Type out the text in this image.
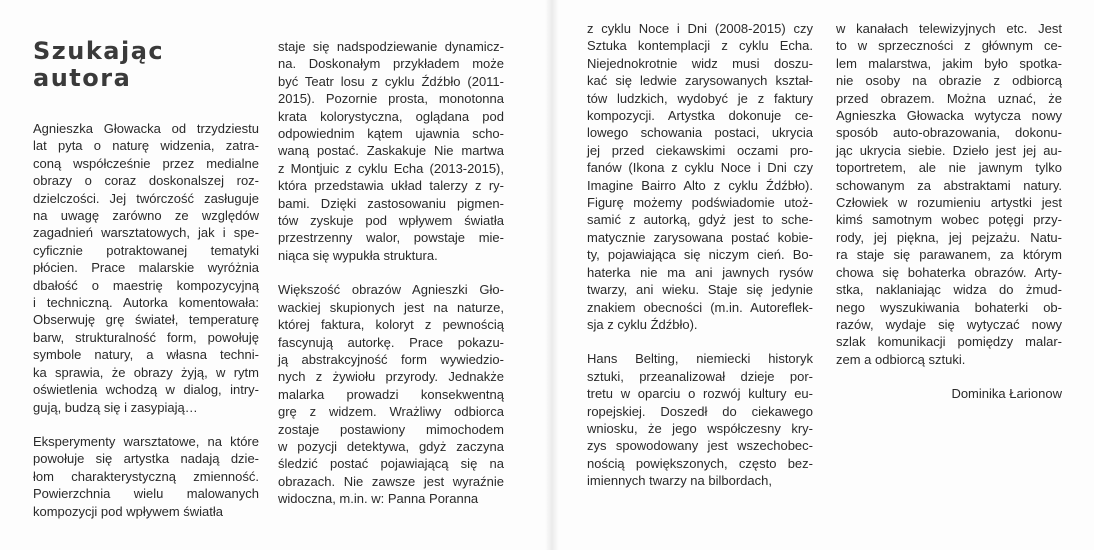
Szukając
autora

Agnieszka Głowacka od trzydziestu
lat pyta o naturę widzenia, zatra-
coną współcześnie przez medialne
obrazy o coraz doskonalszej roz-
dzielczości. Jej twórczość zasługuje
na uwagę zarówno ze względów
zagadnień warsztatowych, jak i spe-
cyficznie potraktowanej tematyki
płócien. Prace malarskie wyróżnia
dbałość o maestrię kompozycyjną
i techniczną. Autorka komentowała:
Obserwuję grę świateł, temperaturę
barw, strukturalność form, powołuję
symbole natury, a własna techni-
ka sprawia, że obrazy żyją, w rytm
oświetlenia wchodzą w dialog, intry-
gują, budzą się i zasypiają…

Eksperymenty warsztatowe, na które
powołuje się artystka nadają dzie-
łom charakterystyczną zmienność.
Powierzchnia wielu malowanych
kompozycji pod wpływem światła

staje się nadspodziewanie dynamicz-
na. Doskonałym przykładem może
być Teatr losu z cyklu Źdźbło (2011-
2015). Pozornie prosta, monotonna
krata kolorystyczna, oglądana pod
odpowiednim kątem ujawnia scho-
waną postać. Zaskakuje Nie martwa
z Montjuic z cyklu Echa (2013-2015),
która przedstawia układ talerzy z ry-
bami. Dzięki zastosowaniu pigmen-
tów zyskuje pod wpływem światła
przestrzenny walor, powstaje mie-
niąca się wypukła struktura.

Większość obrazów Agnieszki Gło-
wackiej skupionych jest na naturze,
której faktura, koloryt z pewnością
fascynują autorkę. Prace pokazu-
ją abstrakcyjność form wywiedzio-
nych z żywiołu przyrody. Jednakże
malarka prowadzi konsekwentną
grę z widzem. Wrażliwy odbiorca
zostaje postawiony mimochodem
w pozycji detektywa, gdyż zaczyna
śledzić postać pojawiającą się na
obrazach. Nie zawsze jest wyraźnie
widoczna, m.in. w: Panna Poranna

z cyklu Noce i Dni (2008-2015) czy
Sztuka kontemplacji z cyklu Echa.
Niejednokrotnie widz musi doszu-
kać się ledwie zarysowanych kształ-
tów ludzkich, wydobyć je z faktury
kompozycji. Artystka dokonuje ce-
lowego schowania postaci, ukrycia
jej przed ciekawskimi oczami pro-
fanów (Ikona z cyklu Noce i Dni czy
Imagine Bairro Alto z cyklu Źdźbło).
Figurę możemy podświadomie utoż-
samić z autorką, gdyż jest to sche-
matycznie zarysowana postać kobie-
ty, pojawiająca się niczym cień. Bo-
haterka nie ma ani jawnych rysów
twarzy, ani wieku. Staje się jedynie
znakiem obecności (m.in. Autoreflek-
sja z cyklu Źdźbło).

Hans Belting, niemiecki historyk
sztuki, przeanalizował dzieje por-
tretu w oparciu o rozwój kultury eu-
ropejskiej. Doszedł do ciekawego
wniosku, że jego współczesny kry-
zys spowodowany jest wszechobec-
nością powiększonych, często bez-
imiennych twarzy na bilbordach,

w kanałach telewizyjnych etc. Jest
to w sprzeczności z głównym ce-
lem malarstwa, jakim było spotka-
nie osoby na obrazie z odbiorcą
przed obrazem. Można uznać, że
Agnieszka Głowacka wytycza nowy
sposób auto-obrazowania, dokonu-
jąc ukrycia siebie. Dzieło jest jej au-
toportretem, ale nie jawnym tylko
schowanym za abstraktami natury.
Człowiek w rozumieniu artystki jest
kimś samotnym wobec potęgi przy-
rody, jej piękna, jej pejzażu. Natu-
ra staje się parawanem, za którym
chowa się bohaterka obrazów. Arty-
stka, naklaniając widza do żmud-
nego wyszukiwania bohaterki ob-
razów, wydaje się wytyczać nowy
szlak komunikacji pomiędzy malar-
zem a odbiorcą sztuki.

Dominika Łarionow
